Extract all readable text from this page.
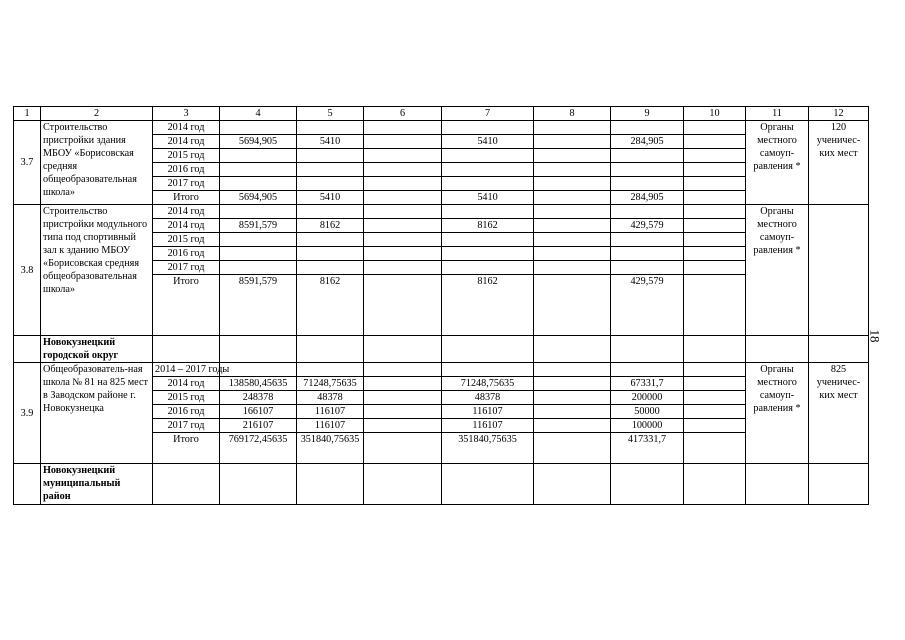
1	2	3	4	5	6	7	8	9	10	11	12
3.7	Строительство пристройки здания МБОУ «Борисовская средняя общеобразовательная школа»	2014 год								Органы местного самоуп-равления *	120 ученичес-ких мест
		2014 год	5694,905	5410		5410		284,905			
		2015 год									
		2016 год									
		2017 год									
		Итого	5694,905	5410		5410		284,905			
3.8	Строительство пристройки модульного типа под спортивный зал к зданию МБОУ «Борисовская средняя общеобразовательная школа»	2014 год								Органы местного самоуп-равления *	
		2014 год	8591,579	8162		8162		429,579			
		2015 год									
		2016 год									
		2017 год									
		Итого	8591,579	8162		8162		429,579			
	Новокузнецкий городской округ										
3.9	Общеобразователь-ная школа № 81 на 825 мест в Заводском районе г. Новокузнецка	2014 – 2017 годы								Органы местного самоуп-равления *	825 ученичес-ких мест
		2014 год	138580,45635	71248,75635		71248,75635		67331,7			
		2015 год	248378	48378		48378		200000			
		2016 год	166107	116107		116107		50000			
		2017 год	216107	116107		116107		100000			
		Итого	769172,45635	351840,75635		351840,75635		417331,7			
	Новокузнецкий муниципальный район										
18
